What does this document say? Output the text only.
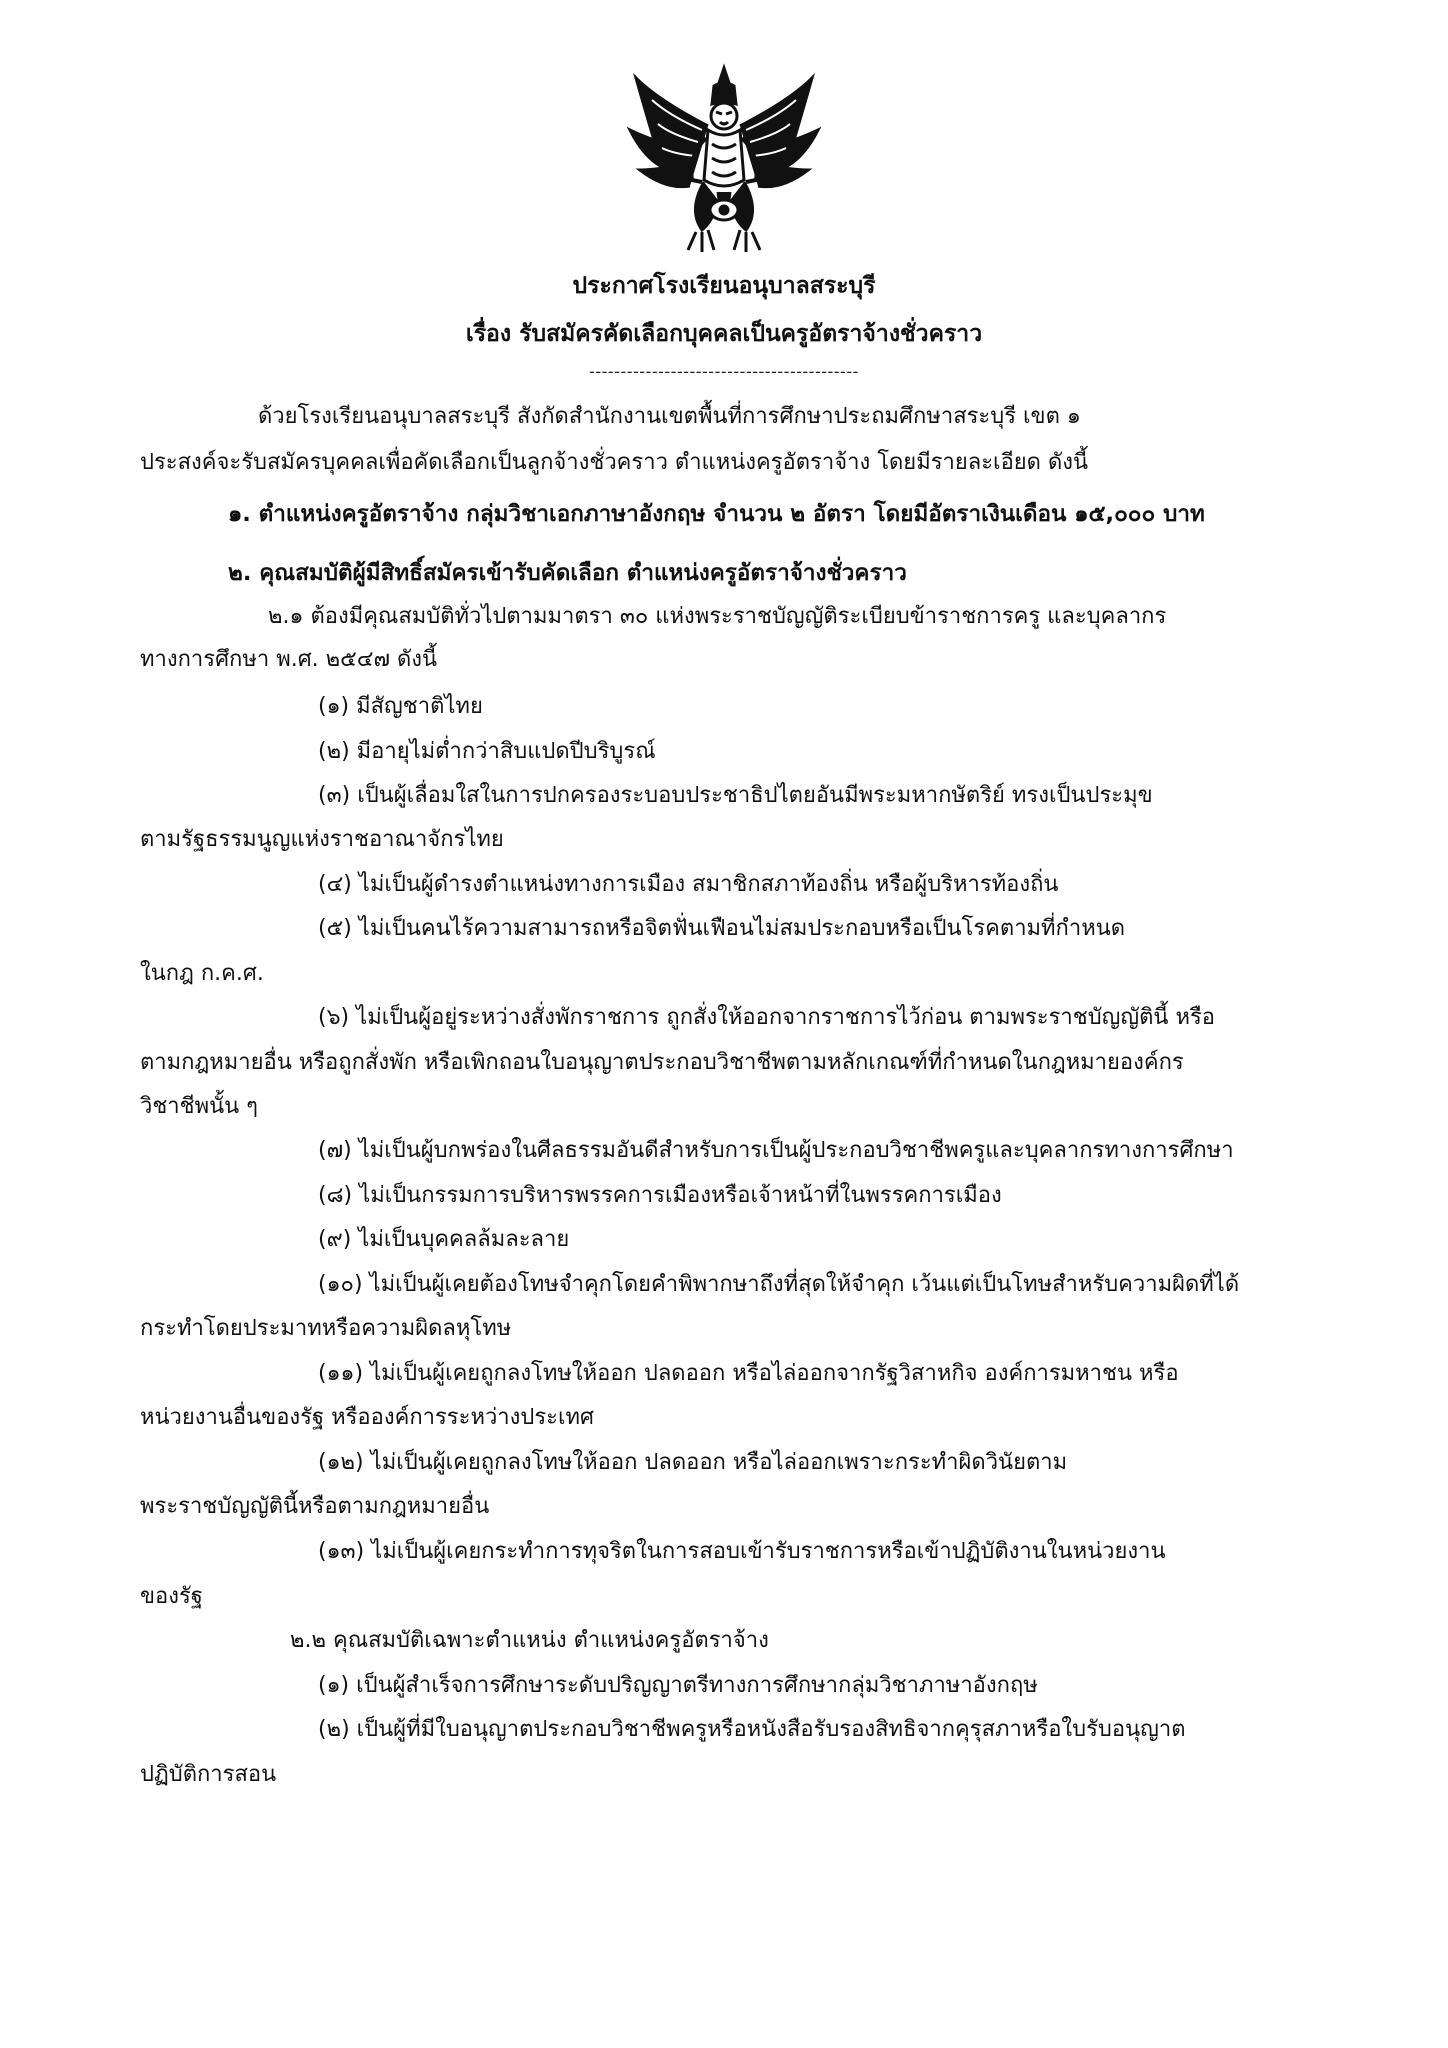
ประกาศโรงเรียนอนุบาลสระบุรี
เรื่อง รับสมัครคัดเลือกบุคคลเป็นครูอัตราจ้างชั่วคราว
-------------------------------------------
ด้วยโรงเรียนอนุบาลสระบุรี สังกัดสำนักงานเขตพื้นที่การศึกษาประถมศึกษาสระบุรี เขต ๑
ประสงค์จะรับสมัครบุคคลเพื่อคัดเลือกเป็นลูกจ้างชั่วคราว ตำแหน่งครูอัตราจ้าง โดยมีรายละเอียด ดังนี้
๑. ตำแหน่งครูอัตราจ้าง กลุ่มวิชาเอกภาษาอังกฤษ จำนวน ๒ อัตรา โดยมีอัตราเงินเดือน ๑๕,๐๐๐ บาท
๒. คุณสมบัติผู้มีสิทธิ์สมัครเข้ารับคัดเลือก ตำแหน่งครูอัตราจ้างชั่วคราว
๒.๑ ต้องมีคุณสมบัติทั่วไปตามมาตรา ๓๐ แห่งพระราชบัญญัติระเบียบข้าราชการครู และบุคลากร
ทางการศึกษา พ.ศ. ๒๕๔๗ ดังนี้
(๑) มีสัญชาติไทย
(๒) มีอายุไม่ต่ำกว่าสิบแปดปีบริบูรณ์
(๓) เป็นผู้เลื่อมใสในการปกครองระบอบประชาธิปไตยอันมีพระมหากษัตริย์ ทรงเป็นประมุข
ตามรัฐธรรมนูญแห่งราชอาณาจักรไทย
(๔) ไม่เป็นผู้ดำรงตำแหน่งทางการเมือง สมาชิกสภาท้องถิ่น หรือผู้บริหารท้องถิ่น
(๕) ไม่เป็นคนไร้ความสามารถหรือจิตฟั่นเฟือนไม่สมประกอบหรือเป็นโรคตามที่กำหนด
ในกฎ ก.ค.ศ.
(๖) ไม่เป็นผู้อยู่ระหว่างสั่งพักราชการ ถูกสั่งให้ออกจากราชการไว้ก่อน ตามพระราชบัญญัตินี้ หรือ
ตามกฎหมายอื่น หรือถูกสั่งพัก หรือเพิกถอนใบอนุญาตประกอบวิชาชีพตามหลักเกณฑ์ที่กำหนดในกฎหมายองค์กร
วิชาชีพนั้น ๆ
(๗) ไม่เป็นผู้บกพร่องในศีลธรรมอันดีสำหรับการเป็นผู้ประกอบวิชาชีพครูและบุคลากรทางการศึกษา
(๘) ไม่เป็นกรรมการบริหารพรรคการเมืองหรือเจ้าหน้าที่ในพรรคการเมือง
(๙) ไม่เป็นบุคคลล้มละลาย
(๑๐) ไม่เป็นผู้เคยต้องโทษจำคุกโดยคำพิพากษาถึงที่สุดให้จำคุก เว้นแต่เป็นโทษสำหรับความผิดที่ได้
กระทำโดยประมาทหรือความผิดลหุโทษ
(๑๑) ไม่เป็นผู้เคยถูกลงโทษให้ออก ปลดออก หรือไล่ออกจากรัฐวิสาหกิจ องค์การมหาชน หรือ
หน่วยงานอื่นของรัฐ หรือองค์การระหว่างประเทศ
(๑๒) ไม่เป็นผู้เคยถูกลงโทษให้ออก ปลดออก หรือไล่ออกเพราะกระทำผิดวินัยตาม
พระราชบัญญัตินี้หรือตามกฎหมายอื่น
(๑๓) ไม่เป็นผู้เคยกระทำการทุจริตในการสอบเข้ารับราชการหรือเข้าปฏิบัติงานในหน่วยงาน
ของรัฐ
๒.๒ คุณสมบัติเฉพาะตำแหน่ง ตำแหน่งครูอัตราจ้าง
(๑) เป็นผู้สำเร็จการศึกษาระดับปริญญาตรีทางการศึกษากลุ่มวิชาภาษาอังกฤษ
(๒) เป็นผู้ที่มีใบอนุญาตประกอบวิชาชีพครูหรือหนังสือรับรองสิทธิจากคุรุสภาหรือใบรับอนุญาต
ปฏิบัติการสอน
